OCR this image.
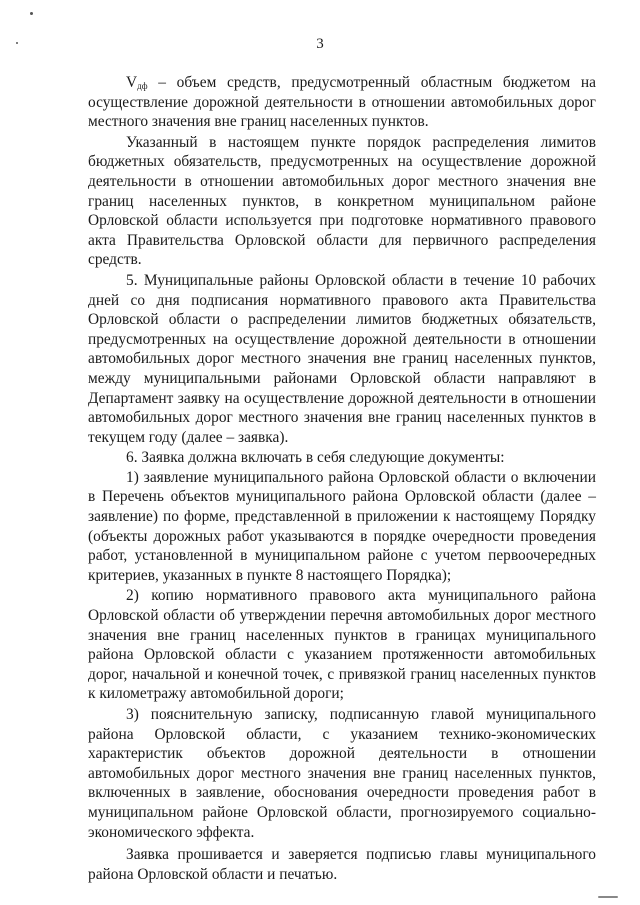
3

$V_{дф}$ – объем средств, предусмотренный областным бюджетом на осуществление дорожной деятельности в отношении автомобильных дорог местного значения вне границ населенных пунктов.

Указанный в настоящем пункте порядок распределения лимитов бюджетных обязательств, предусмотренных на осуществление дорожной деятельности в отношении автомобильных дорог местного значения вне границ населенных пунктов, в конкретном муниципальном районе Орловской области используется при подготовке нормативного правового акта Правительства Орловской области для первичного распределения средств.

5. Муниципальные районы Орловской области в течение 10 рабочих дней со дня подписания нормативного правового акта Правительства Орловской области о распределении лимитов бюджетных обязательств, предусмотренных на осуществление дорожной деятельности в отношении автомобильных дорог местного значения вне границ населенных пунктов, между муниципальными районами Орловской области направляют в Департамент заявку на осуществление дорожной деятельности в отношении автомобильных дорог местного значения вне границ населенных пунктов в текущем году (далее – заявка).

6. Заявка должна включать в себя следующие документы:

1) заявление муниципального района Орловской области о включении в Перечень объектов муниципального района Орловской области (далее – заявление) по форме, представленной в приложении к настоящему Порядку (объекты дорожных работ указываются в порядке очередности проведения работ, установленной в муниципальном районе с учетом первоочередных критериев, указанных в пункте 8 настоящего Порядка);

2) копию нормативного правового акта муниципального района Орловской области об утверждении перечня автомобильных дорог местного значения вне границ населенных пунктов в границах муниципального района Орловской области с указанием протяженности автомобильных дорог, начальной и конечной точек, с привязкой границ населенных пунктов к километражу автомобильной дороги;

3) пояснительную записку, подписанную главой муниципального района Орловской области, с указанием технико-экономических характеристик объектов дорожной деятельности в отношении автомобильных дорог местного значения вне границ населенных пунктов, включенных в заявление, обоснования очередности проведения работ в муниципальном районе Орловской области, прогнозируемого социально-экономического эффекта.

Заявка прошивается и заверяется подписью главы муниципального района Орловской области и печатью.
